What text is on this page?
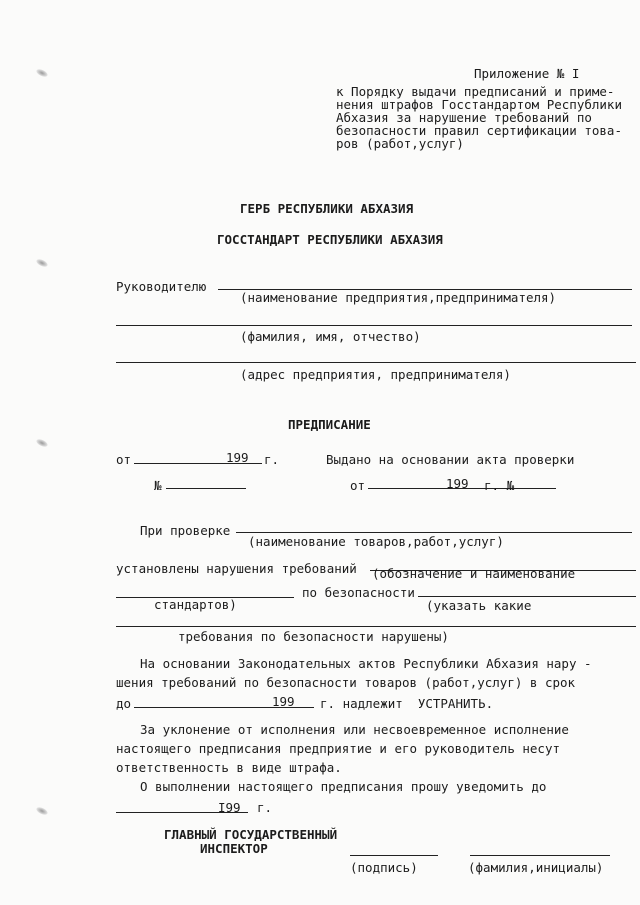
Приложение № I
к Порядку выдачи предписаний и приме-
нения штрафов Госстандартом Республики
Абхазия за нарушение требований по
безопасности правил сертификации това-
ров (работ,услуг)
ГЕРБ РЕСПУБЛИКИ АБХАЗИЯ
ГОССТАНДАРТ РЕСПУБЛИКИ АБХАЗИЯ
Руководителю
(наименование предприятия,предпринимателя)
(фамилия, имя, отчество)
(адрес предприятия, предпринимателя)
ПРЕДПИСАНИЕ
от	199 г.	Выдано на основании акта проверки
№	от	199 г. №
При проверке
(наименование товаров,работ,услуг)
установлены нарушения требований (обозначение и наименование
по безопасности
стандартов)	(указать какие
требования по безопасности нарушены)
На основании Законодательных актов Республики Абхазия нару -
шения требований по безопасности товаров (работ,услуг) в срок
до	199 г. надлежит  УСТРАНИТЬ.
За уклонение от исполнения или несвоевременное исполнение
настоящего предписания предприятие и его руководитель несут
ответственность в виде штрафа.
О выполнении настоящего предписания прошу уведомить до
I99 г.
ГЛАВНЫЙ ГОСУДАРСТВЕННЫЙ
ИНСПЕКТОР
(подпись)	(фамилия,инициалы)
